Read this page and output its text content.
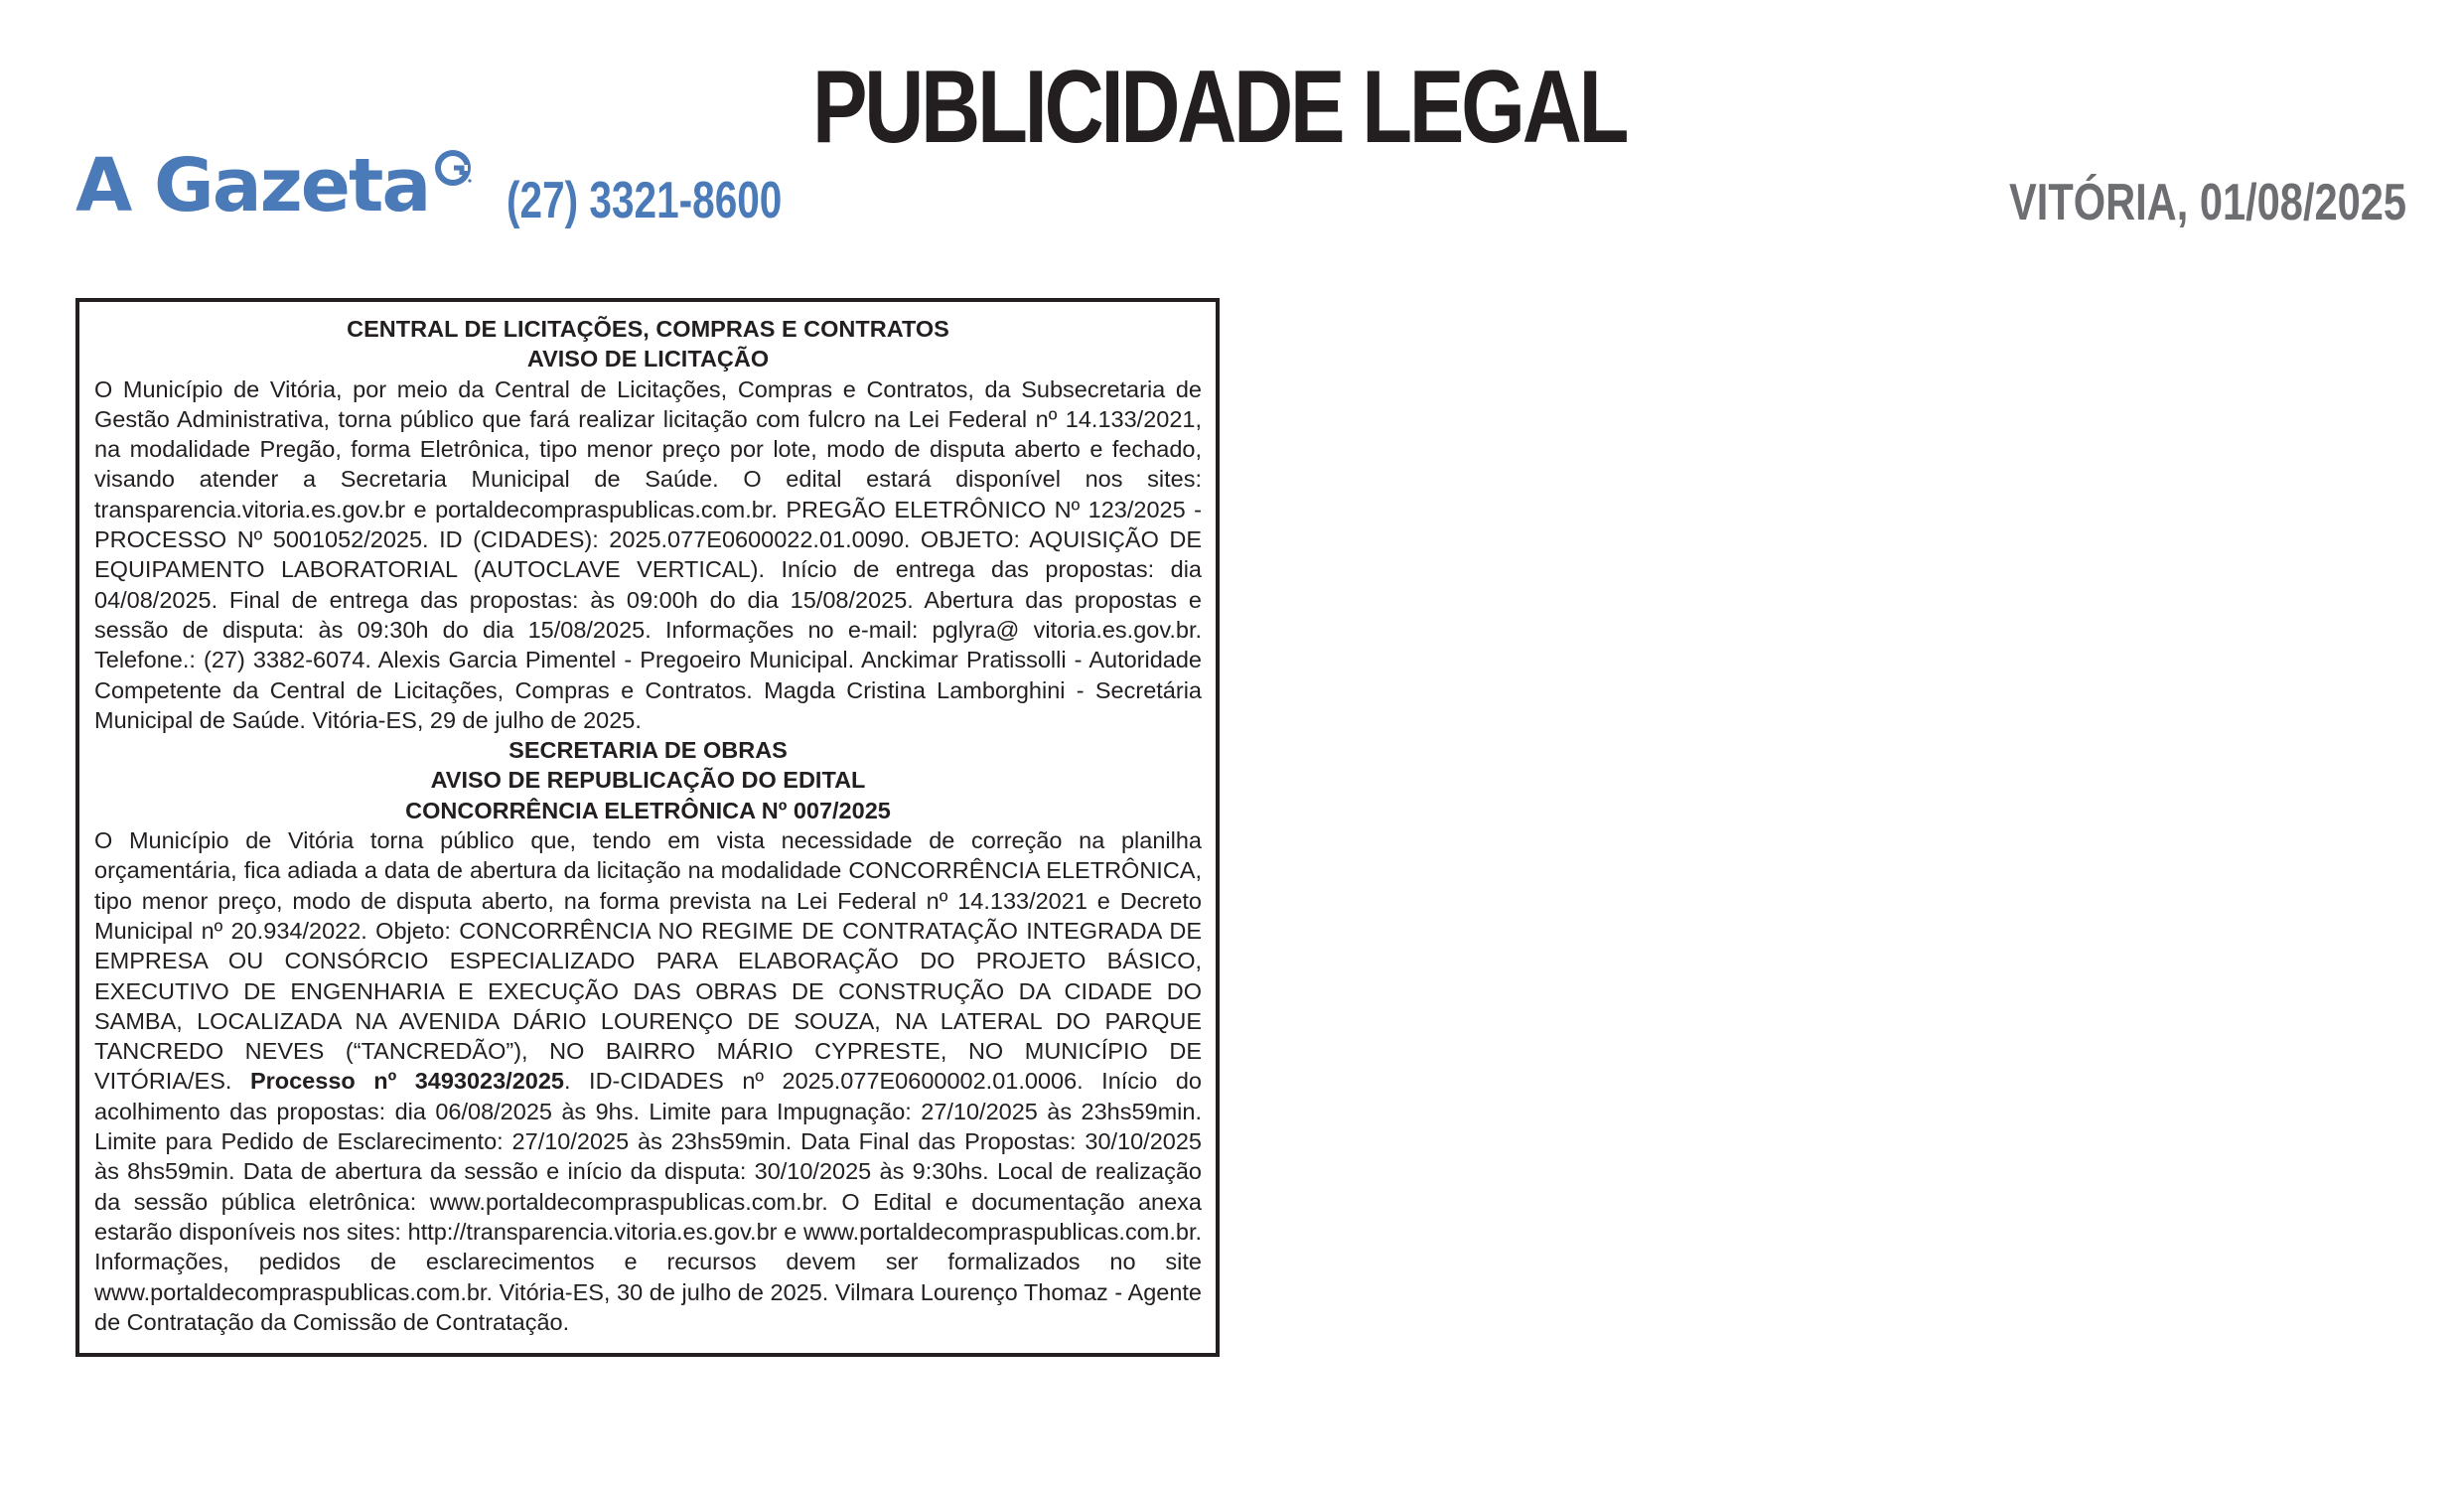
PUBLICIDADE LEGAL
A Gazeta (27) 3321-8600	VITÓRIA, 01/08/2025
CENTRAL DE LICITAÇÕES, COMPRAS E CONTRATOS
AVISO DE LICITAÇÃO

O Município de Vitória, por meio da Central de Licitações, Compras e Contratos, da Subsecretaria de Gestão Administrativa, torna público que fará realizar licitação com fulcro na Lei Federal nº 14.133/2021, na modalidade Pregão, forma Eletrônica, tipo menor preço por lote, modo de disputa aberto e fechado, visando atender a Secretaria Municipal de Saúde. O edital estará disponível nos sites: transparencia.vitoria.es.gov.br e portaldecompraspublicas.com.br. PREGÃO ELETRÔNICO Nº 123/2025 - PROCESSO Nº 5001052/2025. ID (CIDADES): 2025.077E0600022.01.0090. OBJETO: AQUISIÇÃO DE EQUIPAMENTO LABORATORIAL (AUTOCLAVE VERTICAL). Início de entrega das propostas: dia 04/08/2025. Final de entrega das propostas: às 09:00h do dia 15/08/2025. Abertura das propostas e sessão de disputa: às 09:30h do dia 15/08/2025. Informações no e-mail: pglyra@ vitoria.es.gov.br. Telefone.: (27) 3382-6074. Alexis Garcia Pimentel - Pregoeiro Municipal. Anckimar Pratissolli - Autoridade Competente da Central de Licitações, Compras e Contratos. Magda Cristina Lamborghini - Secretária Municipal de Saúde. Vitória-ES, 29 de julho de 2025.

SECRETARIA DE OBRAS
AVISO DE REPUBLICAÇÃO DO EDITAL
CONCORRÊNCIA ELETRÔNICA Nº 007/2025

O Município de Vitória torna público que, tendo em vista necessidade de correção na planilha orçamentária, fica adiada a data de abertura da licitação na modalidade CONCORRÊNCIA ELETRÔNICA, tipo menor preço, modo de disputa aberto, na forma prevista na Lei Federal nº 14.133/2021 e Decreto Municipal nº 20.934/2022. Objeto: CONCORRÊNCIA NO REGIME DE CONTRATAÇÃO INTEGRADA DE EMPRESA OU CONSÓRCIO ESPECIALIZADO PARA ELABORAÇÃO DO PROJETO BÁSICO, EXECUTIVO DE ENGENHARIA E EXECUÇÃO DAS OBRAS DE CONSTRUÇÃO DA CIDADE DO SAMBA, LOCALIZADA NA AVENIDA DÁRIO LOURENÇO DE SOUZA, NA LATERAL DO PARQUE TANCREDO NEVES (“TANCREDÃO”), NO BAIRRO MÁRIO CYPRESTE, NO MUNICÍPIO DE VITÓRIA/ES. Processo nº 3493023/2025. ID-CIDADES nº 2025.077E0600002.01.0006. Início do acolhimento das propostas: dia 06/08/2025 às 9hs. Limite para Impugnação: 27/10/2025 às 23hs59min. Limite para Pedido de Esclarecimento: 27/10/2025 às 23hs59min. Data Final das Propostas: 30/10/2025 às 8hs59min. Data de abertura da sessão e início da disputa: 30/10/2025 às 9:30hs. Local de realização da sessão pública eletrônica: www.portaldecompraspublicas.com.br. O Edital e documentação anexa estarão disponíveis nos sites: http://transparencia.vitoria.es.gov.br e www.portaldecompraspublicas.com.br. Informações, pedidos de esclarecimentos e recursos devem ser formalizados no site www.portaldecompraspublicas.com.br. Vitória-ES, 30 de julho de 2025. Vilmara Lourenço Thomaz - Agente de Contratação da Comissão de Contratação.
